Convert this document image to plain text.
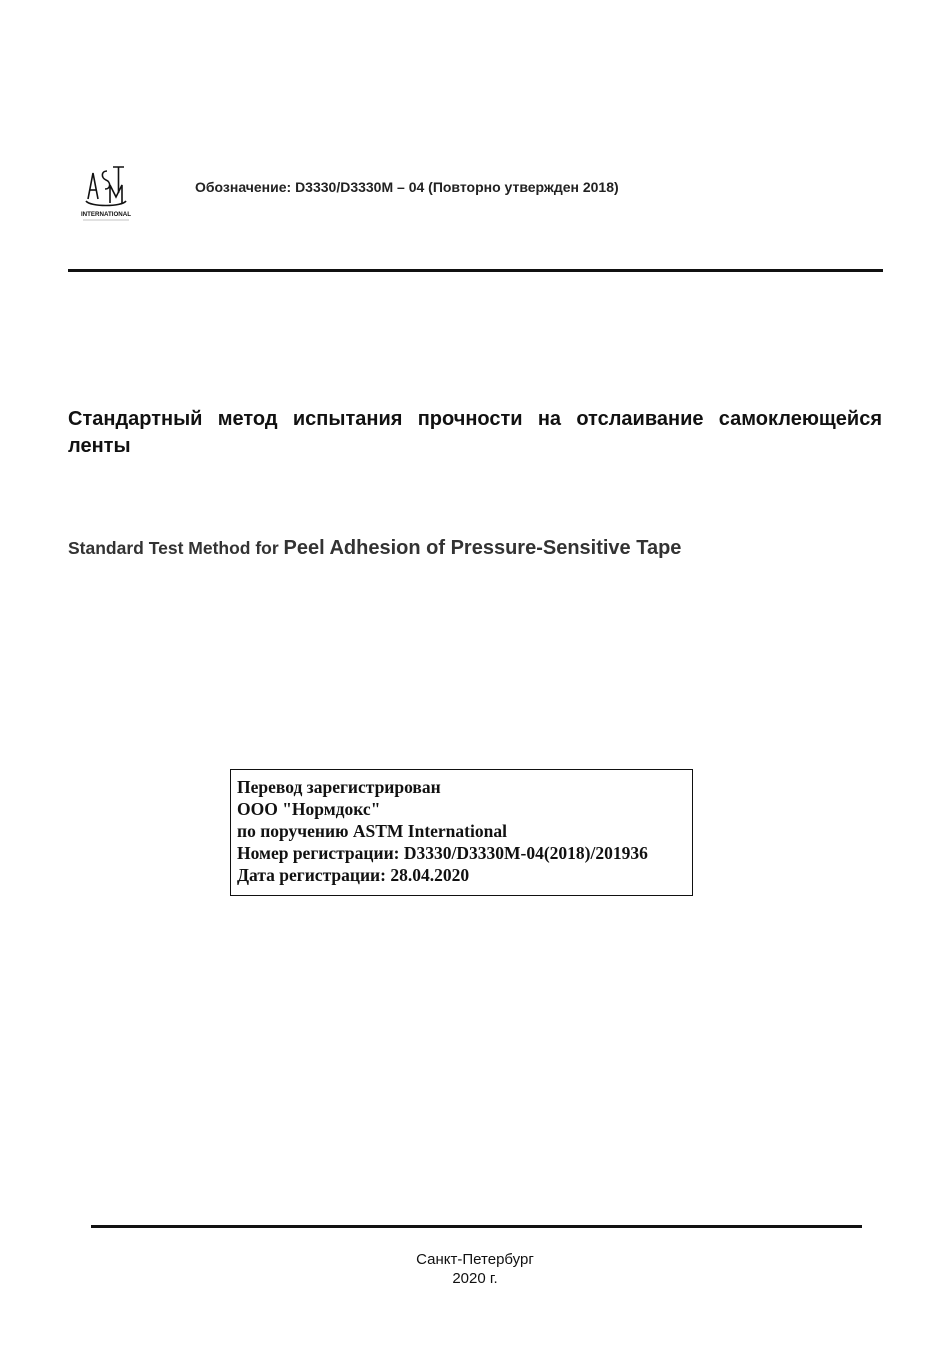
INTERNATIONAL
Обозначение: D3330/D3330M – 04 (Повторно утвержден 2018)
Стандартный метод испытания прочности на отслаивание самоклеющейся ленты
Standard Test Method for Peel Adhesion of Pressure-Sensitive Tape
Перевод зарегистрирован
ООО "Нормдокс"
по поручению ASTM International
Номер регистрации: D3330/D3330M-04(2018)/201936
Дата регистрации: 28.04.2020
Санкт-Петербург
2020 г.
